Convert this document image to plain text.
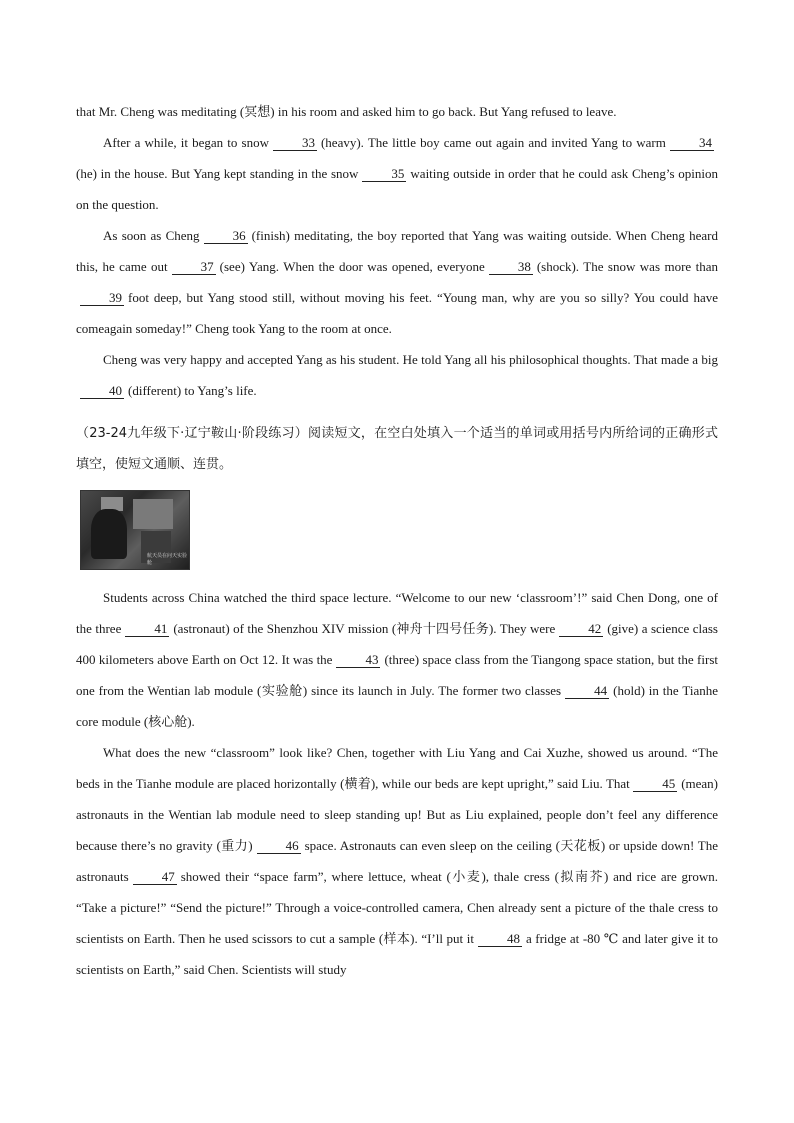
that Mr. Cheng was meditating (冥想) in his room and asked him to go back. But Yang refused to leave.

After a while, it began to snow	33 (heavy). The little boy came out again and invited Yang to warm	34(he) in the house. But Yang kept standing in the snow	35 waiting outside in order that he could ask Cheng’s opinion on the question.

As soon as Cheng	36 (finish) meditating, the boy reported that Yang was waiting outside. When Cheng heard this, he came out	37 (see) Yang. When the door was opened, everyone	38 (shock). The snow was more than39 foot deep, but Yang stood still, without moving his feet. “Young man, why are you so silly? You could have comeagain someday!” Cheng took Yang to the room at once.

Cheng was very happy and accepted Yang as his student. He told Yang all his philosophical thoughts. That made a big40 (different) to Yang’s life.

（23-24九年级下·辽宁鞍山·阶段练习）阅读短文，在空白处填入一个适当的单词或用括号内所给词的正确形式填空，使短文通顺、连贯。

航天员在问天实验舱

Students across China watched the third space lecture. “Welcome to our new ‘classroom’!” said Chen Dong, one of the three	41 (astronaut) of the Shenzhou XIV mission (神舟十四号任务). They were	42 (give) a science class 400 kilometers above Earth on Oct 12. It was the	43 (three) space class from the Tiangong space station, but the first one from the Wentian lab module (实验舱) since its launch in July. The former two classes	44 (hold) in the Tianhe core module (核心舱).

What does the new “classroom” look like? Chen, together with Liu Yang and Cai Xuzhe, showed us around. “The beds in the Tianhe module are placed horizontally (横着), while our beds are kept upright,” said Liu. That 45 (mean) astronauts in the Wentian lab module need to sleep standing up! But as Liu explained, people don’t feel any difference because there’s no gravity (重力)	46 space. Astronauts can even sleep on the ceiling (天花板) or upside down! The astronauts	47 showed their “space farm”, where lettuce, wheat (小麦), thale cress (拟南芥) and rice are grown. “Take a picture!” “Send the picture!” Through a voice-controlled camera, Chen already sent a picture of the thale cress to scientists on Earth. Then he used scissors to cut a sample (样本). “I’ll put it	48 a fridge at -80 ℃ and later give it to scientists on Earth,” said Chen. Scientists will study
